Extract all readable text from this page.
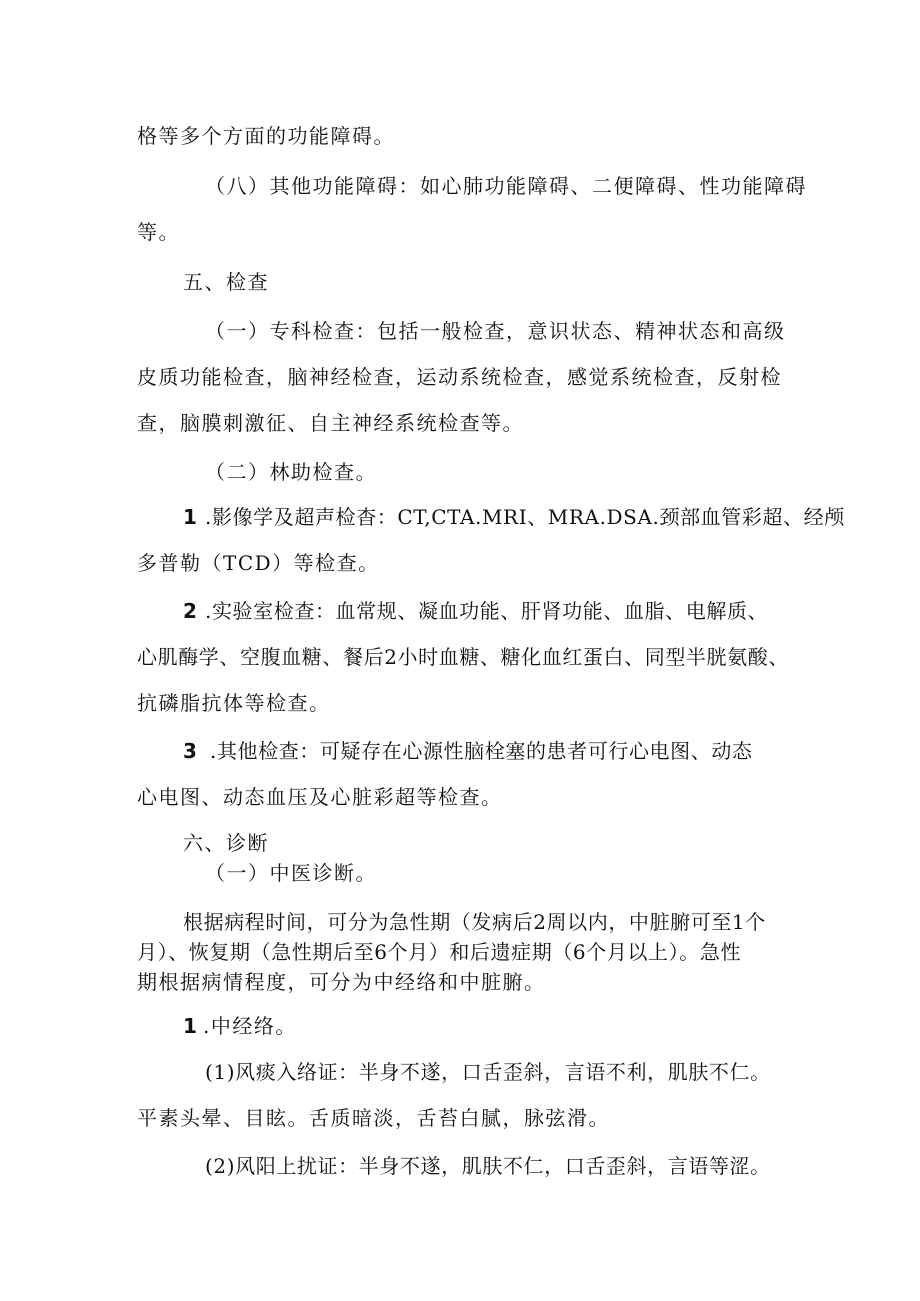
格等多个方面的功能障碍。
（八）其他功能障碍：如心肺功能障碍、二便障碍、性功能障碍
等。
五、检查
（一）专科检查：包括一般检查，意识状态、精神状态和高级
皮质功能检查，脑神经检查，运动系统检查，感觉系统检查，反射检
查，脑膜刺激征、自主神经系统检查等。
（二）林助检查。
1 .影像学及超声检杳：CT,CTA.MRI、MRA.DSA.颈部血管彩超、经颅
多普勒（TCD）等检查。
2 .实验室检查：血常规、凝血功能、肝肾功能、血脂、电解质、
心肌酶学、空腹血糖、餐后2小时血糖、糖化血红蛋白、同型半胱氨酸、
抗磷脂抗体等检查。
3 .其他检查：可疑存在心源性脑栓塞的患者可行心电图、动态
心电图、动态血压及心脏彩超等检查。
六、诊断
（一）中医诊断。
根据病程时间，可分为急性期（发病后2周以内，中脏腑可至1个
月）、恢复期（急性期后至6个月）和后遗症期（6个月以上）。急性
期根据病情程度，可分为中经络和中脏腑。
1 .中经络。
(1)风痰入络证：半身不遂，口舌歪斜，言语不利，肌肤不仁。
平素头晕、目眩。舌质暗淡，舌苔白腻，脉弦滑。
(2)风阳上扰证：半身不遂，肌肤不仁，口舌歪斜，言语等涩。
